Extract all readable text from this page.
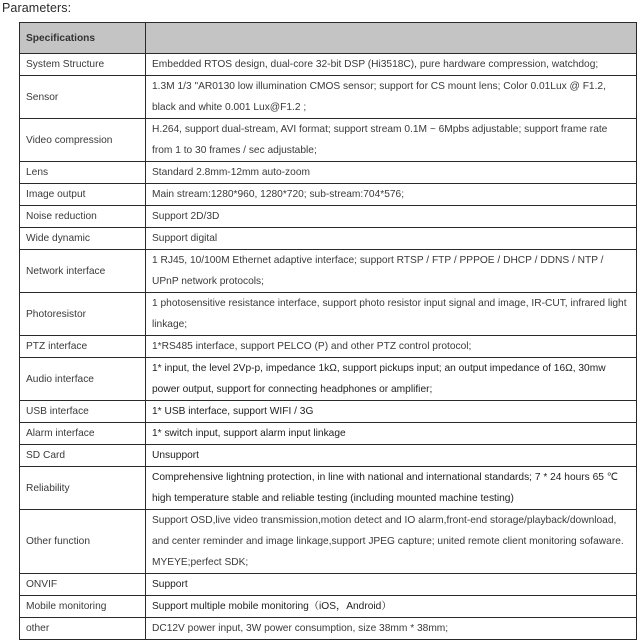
Parameters:
Specifications	
System Structure	Embedded RTOS design, dual-core 32-bit DSP (Hi3518C), pure hardware compression, watchdog;
Sensor	1.3M 1/3 "AR0130 low illumination CMOS sensor; support for CS mount lens; Color 0.01Lux @ F1.2, black and white 0.001 Lux@F1.2 ;
Video compression	H.264, support dual-stream, AVI format; support stream 0.1M ~ 6Mpbs adjustable; support frame rate from 1 to 30 frames / sec adjustable;
Lens	Standard 2.8mm-12mm auto-zoom
Image output	Main stream:1280*960, 1280*720; sub-stream:704*576;
Noise reduction	Support 2D/3D
Wide dynamic	Support digital
Network interface	1 RJ45, 10/100M Ethernet adaptive interface; support RTSP / FTP / PPPOE / DHCP / DDNS / NTP / UPnP network protocols;
Photoresistor	1 photosensitive resistance interface, support photo resistor input signal and image, IR-CUT, infrared light linkage;
PTZ interface	1*RS485 interface, support PELCO (P) and other PTZ control protocol;
Audio interface	1* input, the level 2Vp-p, impedance 1kΩ, support pickups input; an output impedance of 16Ω, 30mw power output, support for connecting headphones or amplifier;
USB interface	1* USB interface, support WIFI / 3G
Alarm interface	1* switch input, support alarm input linkage
SD Card	Unsupport
Reliability	Comprehensive lightning protection, in line with national and international standards; 7 * 24 hours 65 ℃ high temperature stable and reliable testing (including mounted machine testing)
Other function	Support OSD,live video transmission,motion detect and IO alarm,front-end storage/playback/download, and center reminder and image linkage,support JPEG capture; united remote client monitoring sofaware. MYEYE;perfect SDK;
ONVIF	Support
Mobile monitoring	Support multiple mobile monitoring（iOS，Android）
other	DC12V power input, 3W power consumption, size 38mm * 38mm;
